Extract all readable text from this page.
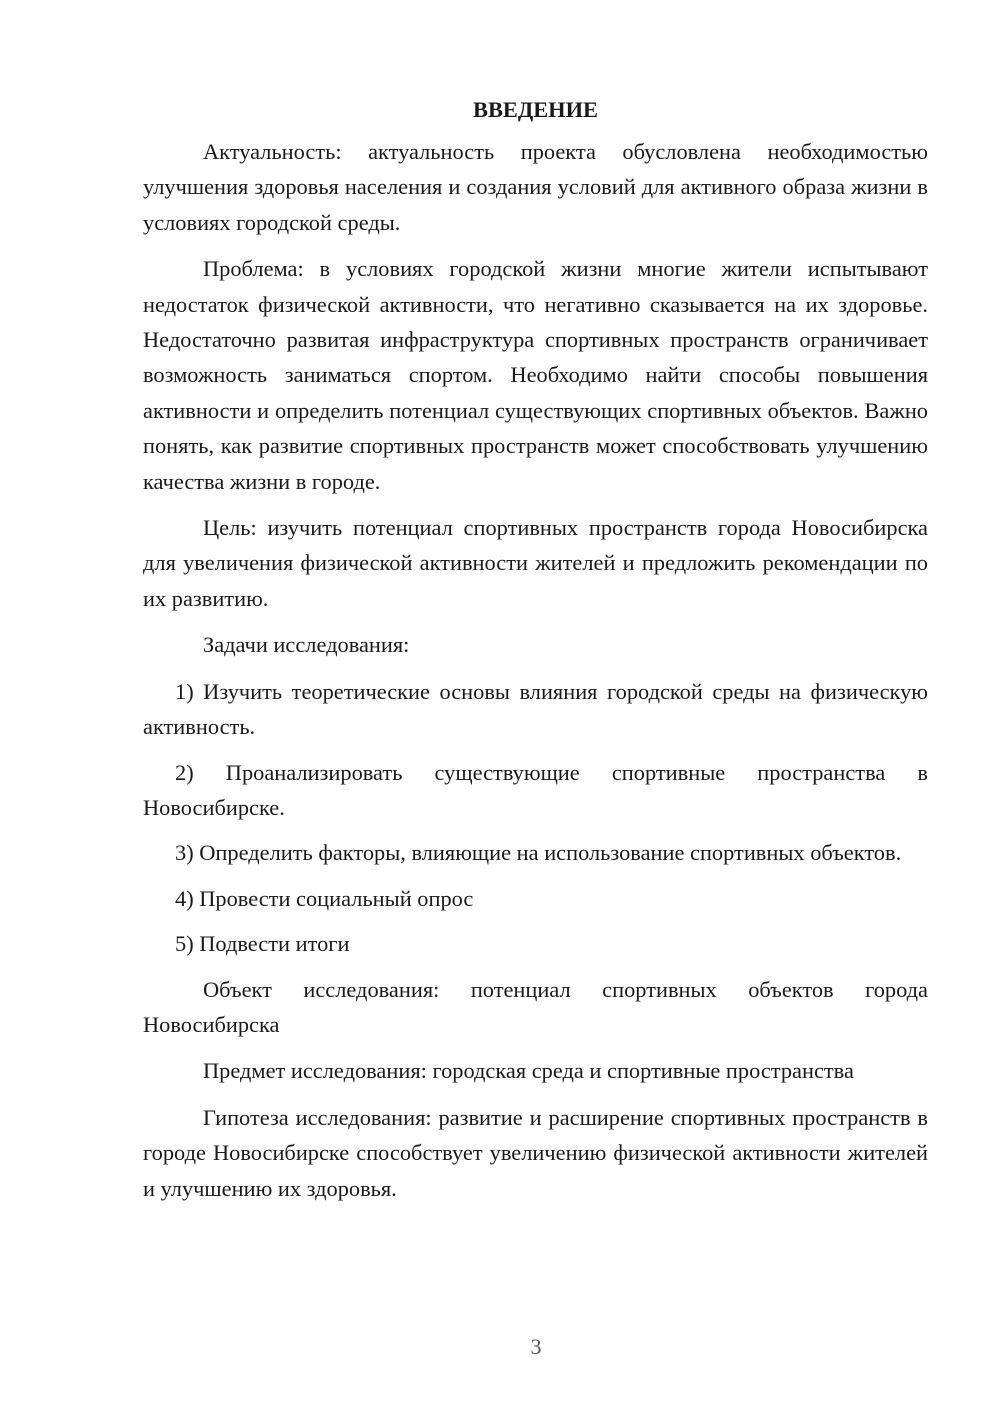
ВВЕДЕНИЕ

Актуальность: актуальность проекта обусловлена необходимостью улучшения здоровья населения и создания условий для активного образа жизни в условиях городской среды.

Проблема: в условиях городской жизни многие жители испытывают недостаток физической активности, что негативно сказывается на их здоровье. Недостаточно развитая инфраструктура спортивных пространств ограничивает возможность заниматься спортом. Необходимо найти способы повышения активности и определить потенциал существующих спортивных объектов. Важно понять, как развитие спортивных пространств может способствовать улучшению качества жизни в городе.

Цель: изучить потенциал спортивных пространств города Новосибирска для увеличения физической активности жителей и предложить рекомендации по их развитию.

Задачи исследования:

1) Изучить теоретические основы влияния городской среды на физическую активность.

2) Проанализировать существующие спортивные пространства в Новосибирске.

3) Определить факторы, влияющие на использование спортивных объектов.

4) Провести социальный опрос

5) Подвести итоги

Объект исследования: потенциал спортивных объектов города Новосибирска

Предмет исследования: городская среда и спортивные пространства

Гипотеза исследования: развитие и расширение спортивных пространств в городе Новосибирске способствует увеличению физической активности жителей и улучшению их здоровья.

3
